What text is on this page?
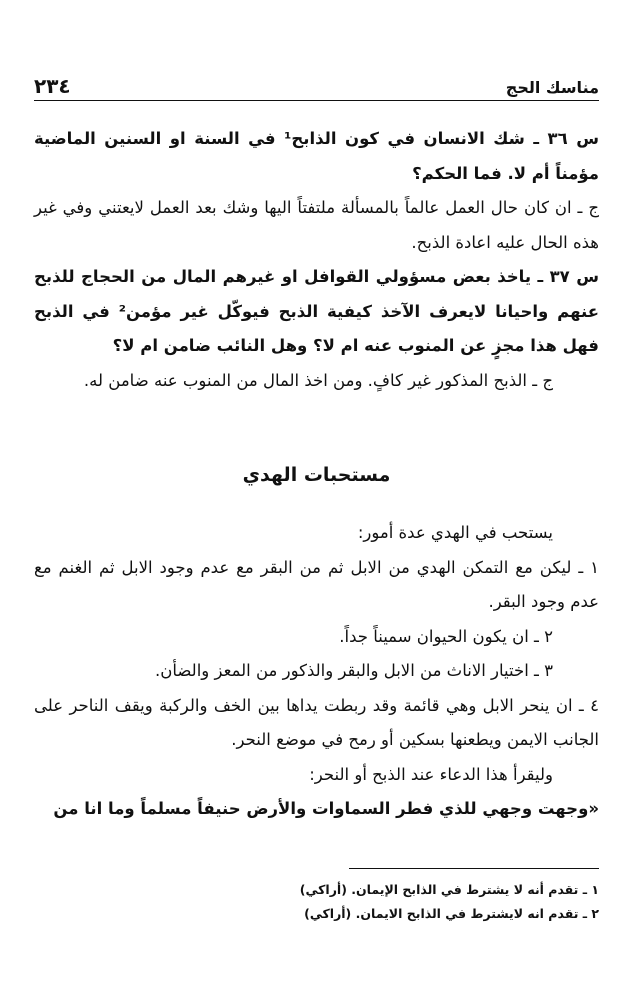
مناسك الحج
٢٣٤

س ٣٦ ـ شك الانسان في كون الذابح¹ في السنة او السنين الماضية مؤمناً أم لا. فما الحكم؟

ج ـ ان كان حال العمل عالماً بالمسألة ملتفتاً اليها وشك بعد العمل لايعتني وفي غير هذه الحال عليه اعادة الذبح.

س ٣٧ ـ ياخذ بعض مسؤولي القوافل او غيرهم المال من الحجاج للذبح عنهم واحيانا لايعرف الآخذ كيفية الذبح فيوكّل غير مؤمن² في الذبح فهل هذا مجزٍ عن المنوب عنه ام لا؟ وهل النائب ضامن ام لا؟

ج ـ الذبح المذكور غير كافٍ. ومن اخذ المال من المنوب عنه ضامن له.

مستحبات الهدي

يستحب في الهدي عدة أمور:

١ ـ ليكن مع التمكن الهدي من الابل ثم من البقر مع عدم وجود الابل ثم الغنم مع عدم وجود البقر.

٢ ـ ان يكون الحيوان سميناً جداً.

٣ ـ اختيار الاناث من الابل والبقر والذكور من المعز والضأن.

٤ ـ ان ينحر الابل وهي قائمة وقد ربطت يداها بين الخف والركبة ويقف الناحر على الجانب الايمن ويطعنها بسكين أو رمح في موضع النحر.

وليقرأ هذا الدعاء عند الذبح أو النحر:

«وجهت وجهي للذي فطر السماوات والأرض حنيفاً مسلماً وما انا من

١ ـ تقدم أنه لا يشترط في الذابح الإيمان. (أراكي)

٢ ـ تقدم انه لايشترط في الذابح الايمان. (أراكي)
